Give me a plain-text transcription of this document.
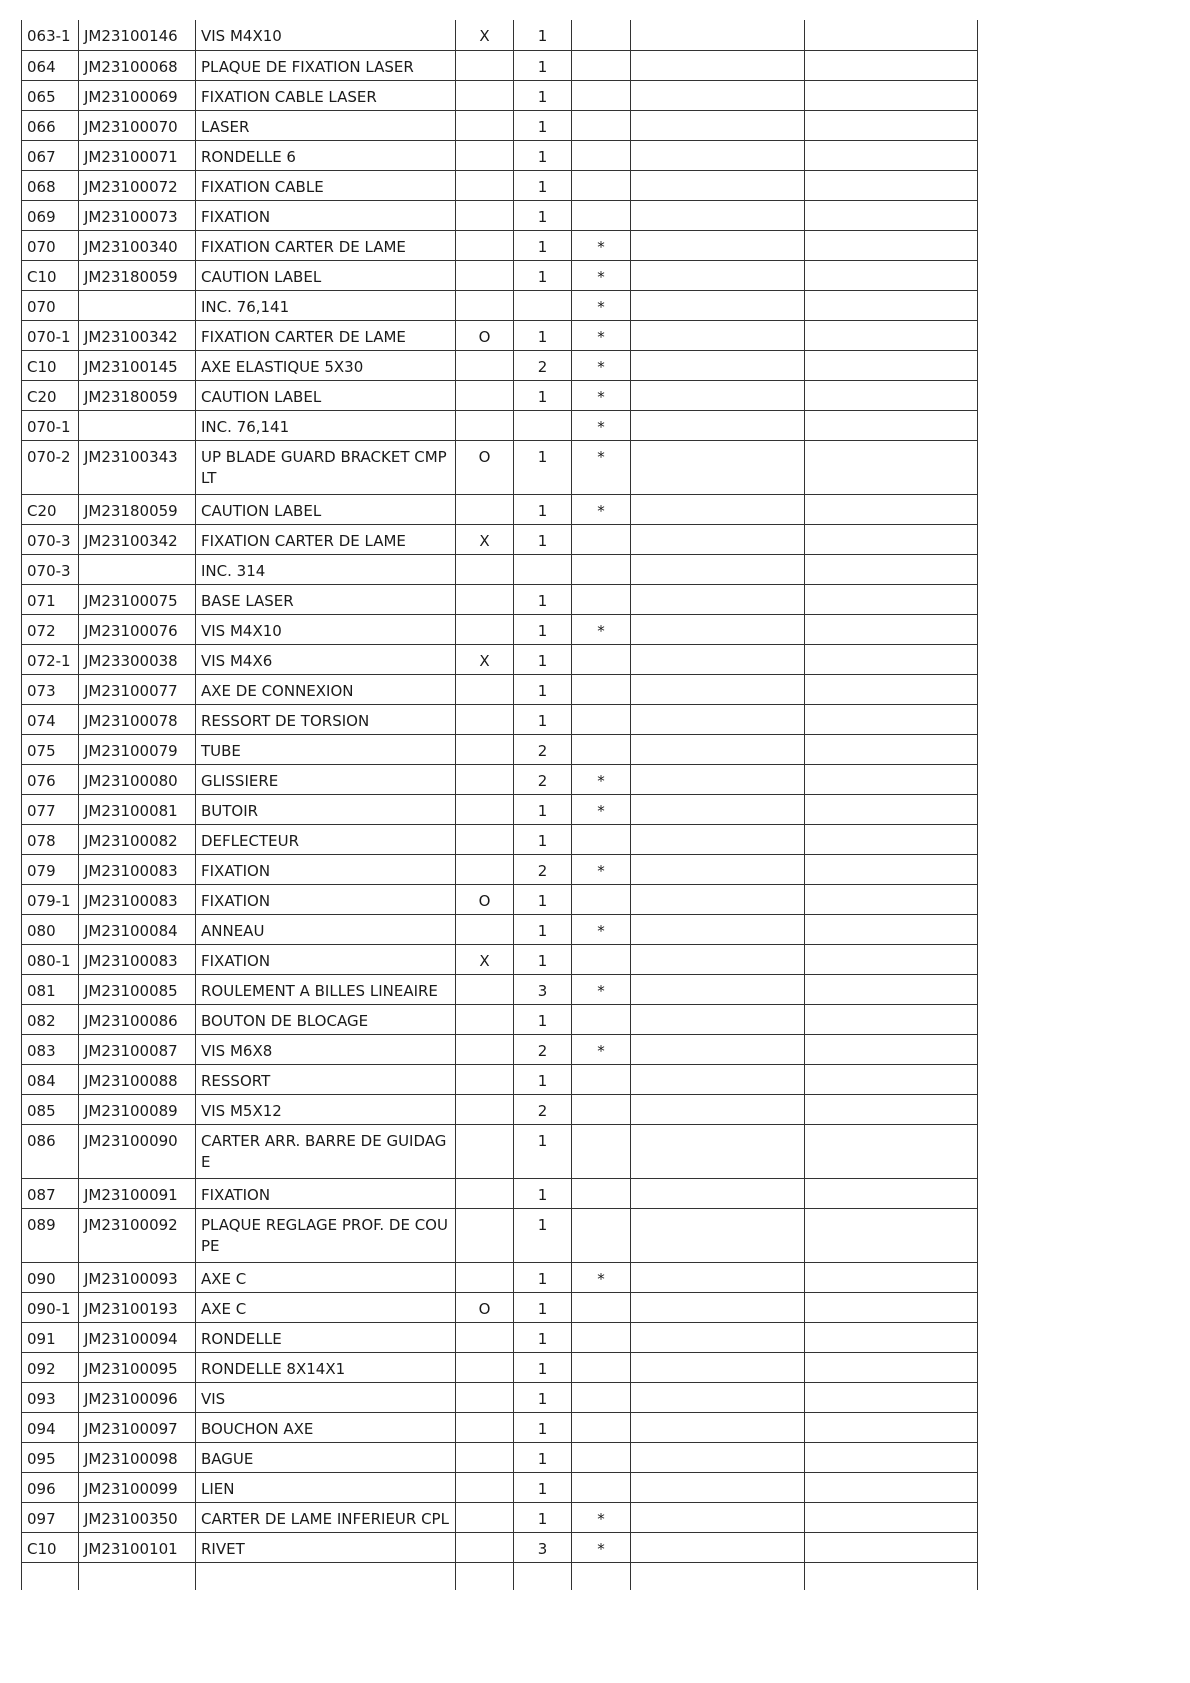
063-1	JM23100146	VIS M4X10	X	1			

064	JM23100068	PLAQUE DE FIXATION LASER		1			

065	JM23100069	FIXATION CABLE LASER		1			

066	JM23100070	LASER		1			

067	JM23100071	RONDELLE 6		1			

068	JM23100072	FIXATION CABLE		1			

069	JM23100073	FIXATION		1			

070	JM23100340	FIXATION CARTER DE LAME		1	*		

C10	JM23180059	CAUTION LABEL		1	*		

070		INC. 76,141			*		

070-1	JM23100342	FIXATION CARTER DE LAME	O	1	*		

C10	JM23100145	AXE ELASTIQUE 5X30		2	*		

C20	JM23180059	CAUTION LABEL		1	*		

070-1		INC. 76,141			*		

070-2	JM23100343	UP BLADE GUARD BRACKET CMP LT	O	1	*		

C20	JM23180059	CAUTION LABEL		1	*		

070-3	JM23100342	FIXATION CARTER DE LAME	X	1			

070-3		INC. 314					

071	JM23100075	BASE LASER		1			

072	JM23100076	VIS M4X10		1	*		

072-1	JM23300038	VIS M4X6	X	1			

073	JM23100077	AXE DE CONNEXION		1			

074	JM23100078	RESSORT DE TORSION		1			

075	JM23100079	TUBE		2			

076	JM23100080	GLISSIERE		2	*		

077	JM23100081	BUTOIR		1	*		

078	JM23100082	DEFLECTEUR		1			

079	JM23100083	FIXATION		2	*		

079-1	JM23100083	FIXATION	O	1			

080	JM23100084	ANNEAU		1	*		

080-1	JM23100083	FIXATION	X	1			

081	JM23100085	ROULEMENT A BILLES LINEAIRE		3	*		

082	JM23100086	BOUTON DE BLOCAGE		1			

083	JM23100087	VIS M6X8		2	*		

084	JM23100088	RESSORT		1			

085	JM23100089	VIS M5X12		2			

086	JM23100090	CARTER ARR. BARRE DE GUIDAGE		1			

087	JM23100091	FIXATION		1			

089	JM23100092	PLAQUE REGLAGE PROF. DE COUPE		1			

090	JM23100093	AXE C		1	*		

090-1	JM23100193	AXE C	O	1			

091	JM23100094	RONDELLE		1			

092	JM23100095	RONDELLE 8X14X1		1			

093	JM23100096	VIS		1			

094	JM23100097	BOUCHON AXE		1			

095	JM23100098	BAGUE		1			

096	JM23100099	LIEN		1			

097	JM23100350	CARTER DE LAME INFERIEUR CPL		1	*		

C10	JM23100101	RIVET		3	*		
